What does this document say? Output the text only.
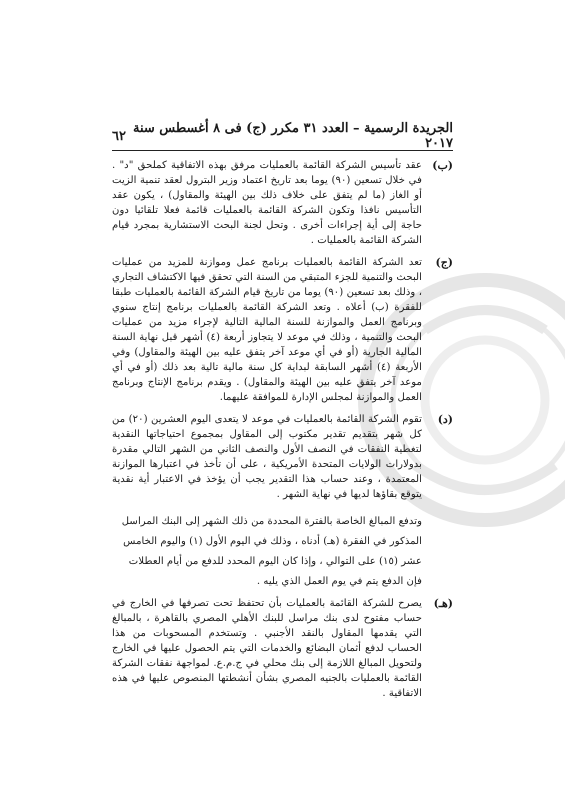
الجريدة الرسمية – العدد ٣١ مكرر (ج) فى ٨ أغسطس سنة ٢٠١٧
٦٢
(ب)
عقد تأسيس الشركة القائمة بالعمليات مرفق بهذه الاتفاقية كملحق "د" . في خلال تسعين (٩٠) يوما بعد تاريخ اعتماد وزير البترول لعقد تنمية الزيت أو الغاز (ما لم يتفق على خلاف ذلك بين الهيئة والمقاول) ، يكون عقد التأسيس نافذا وتكون الشركة القائمة بالعمليات قائمة فعلا تلقائيا دون حاجة إلى أية إجراءات أخرى . وتحل لجنة البحث الاستشارية بمجرد قيام الشركة القائمة بالعمليات .
(ج)
تعد الشركة القائمة بالعمليات برنامج عمل وموازنة للمزيد من عمليات البحث والتنمية للجزء المتبقي من السنة التي تحقق فيها الاكتشاف التجاري ، وذلك بعد تسعين (٩٠) يوما من تاريخ قيام الشركة القائمة بالعمليات طبقا للفقرة (ب) أعلاه . وتعد الشركة القائمة بالعمليات برنامج إنتاج سنوي وبرنامج العمل والموازنة للسنة المالية التالية لإجراء مزيد من عمليات البحث والتنمية ، وذلك في موعد لا يتجاوز أربعة (٤) أشهر قبل نهاية السنة المالية الجارية (أو في أي موعد آخر يتفق عليه بين الهيئة والمقاول) وفي الأربعة (٤) أشهر السابقة لبداية كل سنة مالية تالية بعد ذلك (أو في أي موعد آخر يتفق عليه بين الهيئة والمقاول) . ويقدم برنامج الإنتاج وبرنامج العمل والموازنة لمجلس الإدارة للموافقة عليهما.
(د)
تقوم الشركة القائمة بالعمليات في موعد لا يتعدى اليوم العشرين (٢٠) من كل شهر بتقديم تقدير مكتوب إلى المقاول بمجموع احتياجاتها النقدية لتغطية النفقات في النصف الأول والنصف الثاني من الشهر التالي مقدرة بدولارات الولايات المتحدة الأمريكية ، على أن تأخذ في اعتبارها الموازنة المعتمدة ، وعند حساب هذا التقدير يجب أن يؤخذ في الاعتبار أية نقدية يتوقع بقاؤها لديها في نهاية الشهر .
وتدفع المبالغ الخاصة بالفترة المحددة من ذلك الشهر إلى البنك المراسل المذكور في الفقرة (هـ) أدناه ، وذلك في اليوم الأول (١) واليوم الخامس عشر (١٥) على التوالي ، وإذا كان اليوم المحدد للدفع من أيام العطلات فإن الدفع يتم في يوم العمل الذي يليه .
(هـ)
يصرح للشركة القائمة بالعمليات بأن تحتفظ تحت تصرفها في الخارج في حساب مفتوح لدى بنك مراسل للبنك الأهلي المصري بالقاهرة ، بالمبالغ التي يقدمها المقاول بالنقد الأجنبي . وتستخدم المسحوبات من هذا الحساب لدفع أثمان البضائع والخدمات التي يتم الحصول عليها في الخارج ولتحويل المبالغ اللازمة إلى بنك محلي في ج.م.ع. لمواجهة نفقات الشركة القائمة بالعمليات بالجنيه المصري بشأن أنشطتها المنصوص عليها في هذه الاتفاقية .
